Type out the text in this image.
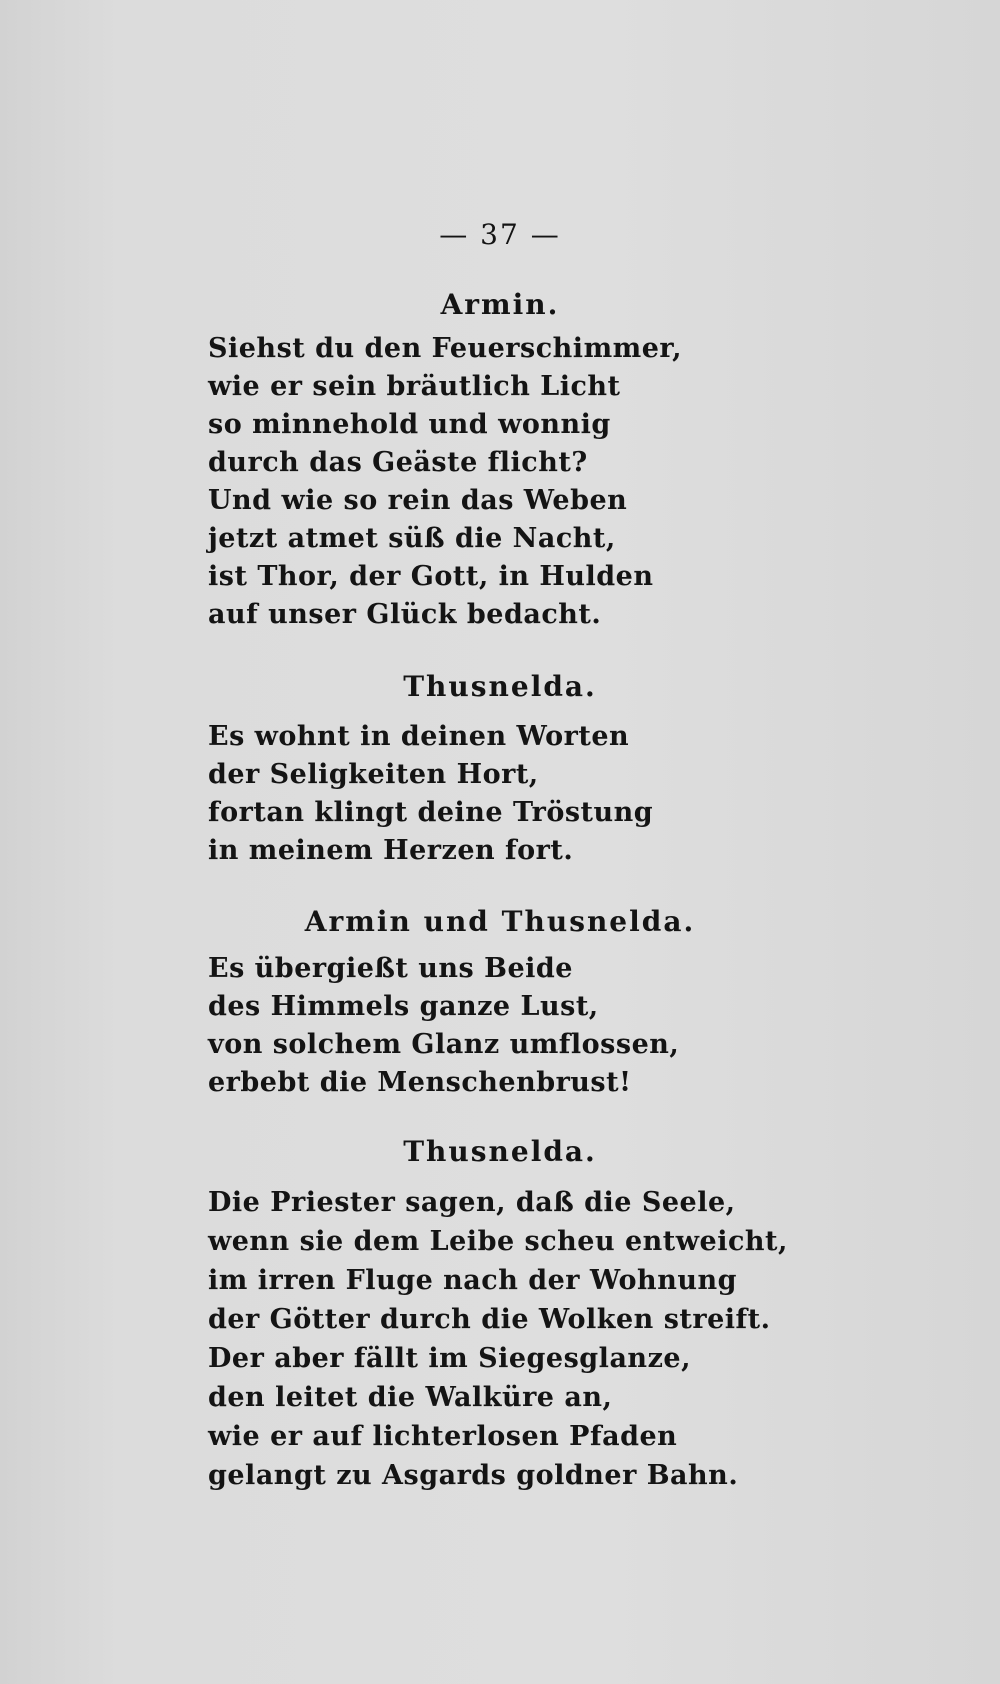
— 37 —
Armin.
Siehst du den Feuerschimmer,
wie er sein bräutlich Licht
so minnehold und wonnig
durch das Geäste flicht?
Und wie so rein das Weben
jetzt atmet süß die Nacht,
ist Thor, der Gott, in Hulden
auf unser Glück bedacht.
Thusnelda.
Es wohnt in deinen Worten
der Seligkeiten Hort,
fortan klingt deine Tröstung
in meinem Herzen fort.
Armin und Thusnelda.
Es übergießt uns Beide
des Himmels ganze Lust,
von solchem Glanz umflossen,
erbebt die Menschenbrust!
Thusnelda.
Die Priester sagen, daß die Seele,
wenn sie dem Leibe scheu entweicht,
im irren Fluge nach der Wohnung
der Götter durch die Wolken streift.
Der aber fällt im Siegesglanze,
den leitet die Walküre an,
wie er auf lichterlosen Pfaden
gelangt zu Asgards goldner Bahn.
